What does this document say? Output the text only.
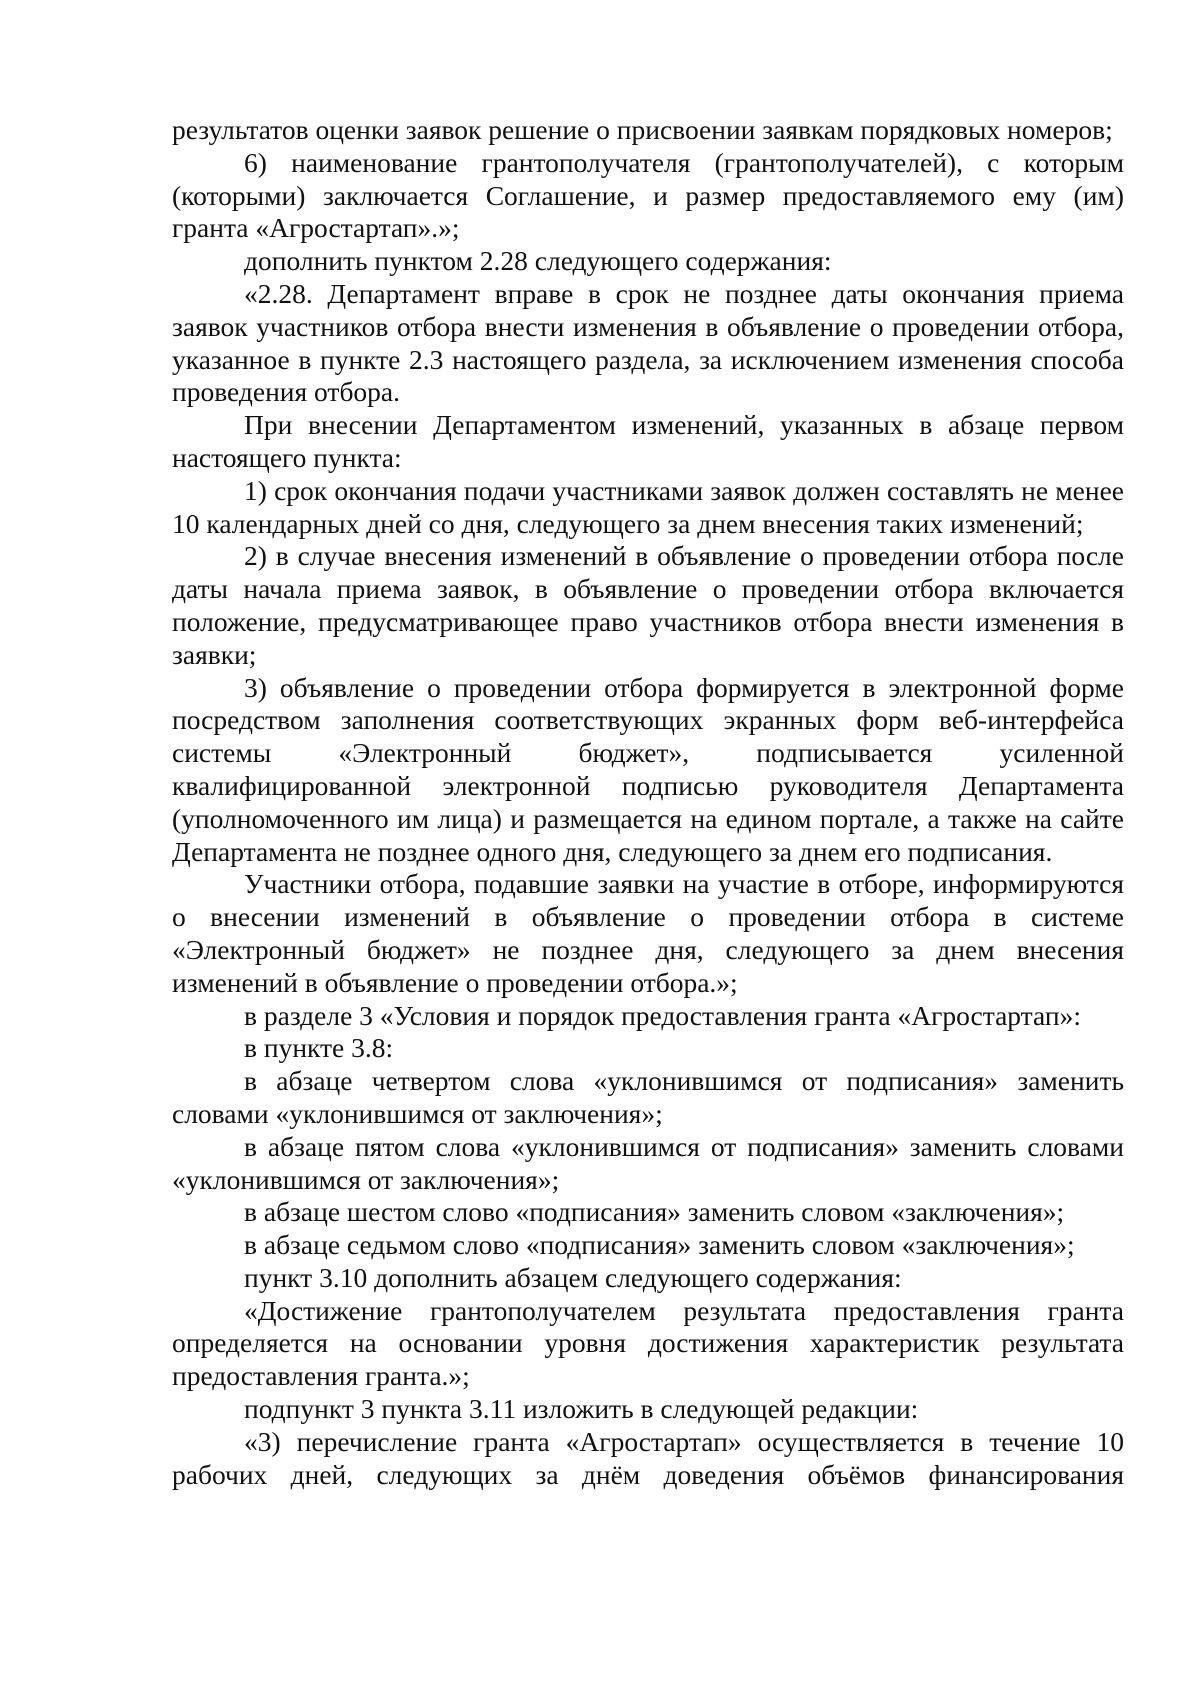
результатов оценки заявок решение о присвоении заявкам порядковых номеров;

6) наименование грантополучателя (грантополучателей), с которым (которыми) заключается Соглашение, и размер предоставляемого ему (им) гранта «Агростартап».»;

дополнить пунктом 2.28 следующего содержания:

«2.28. Департамент вправе в срок не позднее даты окончания приема заявок участников отбора внести изменения в объявление о проведении отбора, указанное в пункте 2.3 настоящего раздела, за исключением изменения способа проведения отбора.

При внесении Департаментом изменений, указанных в абзаце первом настоящего пункта:

1) срок окончания подачи участниками заявок должен составлять не менее 10 календарных дней со дня, следующего за днем внесения таких изменений;

2) в случае внесения изменений в объявление о проведении отбора после даты начала приема заявок, в объявление о проведении отбора включается положение, предусматривающее право участников отбора внести изменения в заявки;

3) объявление о проведении отбора формируется в электронной форме посредством заполнения соответствующих экранных форм веб-интерфейса системы «Электронный бюджет», подписывается усиленной квалифицированной электронной подписью руководителя Департамента (уполномоченного им лица) и размещается на едином портале, а также на сайте Департамента не позднее одного дня, следующего за днем его подписания.

Участники отбора, подавшие заявки на участие в отборе, информируются о внесении изменений в объявление о проведении отбора в системе «Электронный бюджет» не позднее дня, следующего за днем внесения изменений в объявление о проведении отбора.»;

в разделе 3 «Условия и порядок предоставления гранта «Агростартап»:

в пункте 3.8:

в абзаце четвертом слова «уклонившимся от подписания» заменить словами «уклонившимся от заключения»;

в абзаце пятом слова «уклонившимся от подписания» заменить словами «уклонившимся от заключения»;

в абзаце шестом слово «подписания» заменить словом «заключения»;

в абзаце седьмом слово «подписания» заменить словом «заключения»;

пункт 3.10 дополнить абзацем следующего содержания:

«Достижение грантополучателем результата предоставления гранта определяется на основании уровня достижения характеристик результата предоставления гранта.»;

подпункт 3 пункта 3.11 изложить в следующей редакции:

«3) перечисление гранта «Агростартап» осуществляется в течение 10 рабочих дней, следующих за днём доведения объёмов финансирования
